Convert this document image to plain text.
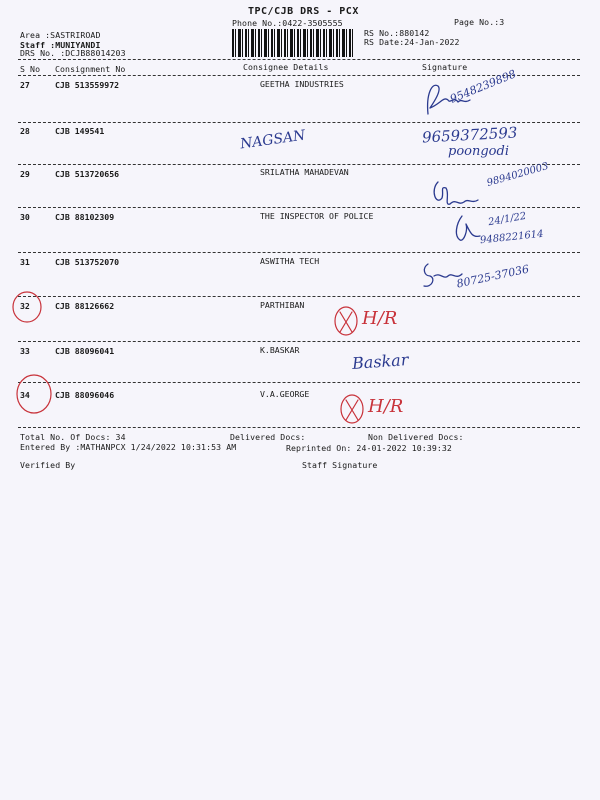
TPC/CJB DRS - PCX
Phone No.:0422-3505555	Page No.:3
RS No.:880142
RS Date:24-Jan-2022
Area :SASTRIROAD
Staff :MUNIYANDI
DRS No. :DCJB88014203
S No Consignment No	Consignee Details	Signature
27	CJB 513559972	GEETHA INDUSTRIES	9548239898
28	CJB 149541	NAGSAN	9659372593
poongodi
29	CJB 513720656	SRILATHA MAHADEVAN	9894020003
30	CJB 88102309	THE INSPECTOR OF POLICE	24/1/22
9488221614
31	CJB 513752070	ASWITHA TECH
80725-37036
32	CJB 88126662	PARTHIBAN
H/R
33	CJB 88096041	K.BASKAR
Baskar
34	CJB 88096046	V.A.GEORGE
H/R
Total No. Of Docs: 34	Delivered Docs:	Non Delivered Docs:
Entered By :MATHANPCX 1/24/2022 10:31:53 AM	Reprinted On: 24-01-2022 10:39:32
Verified By	Staff Signature
